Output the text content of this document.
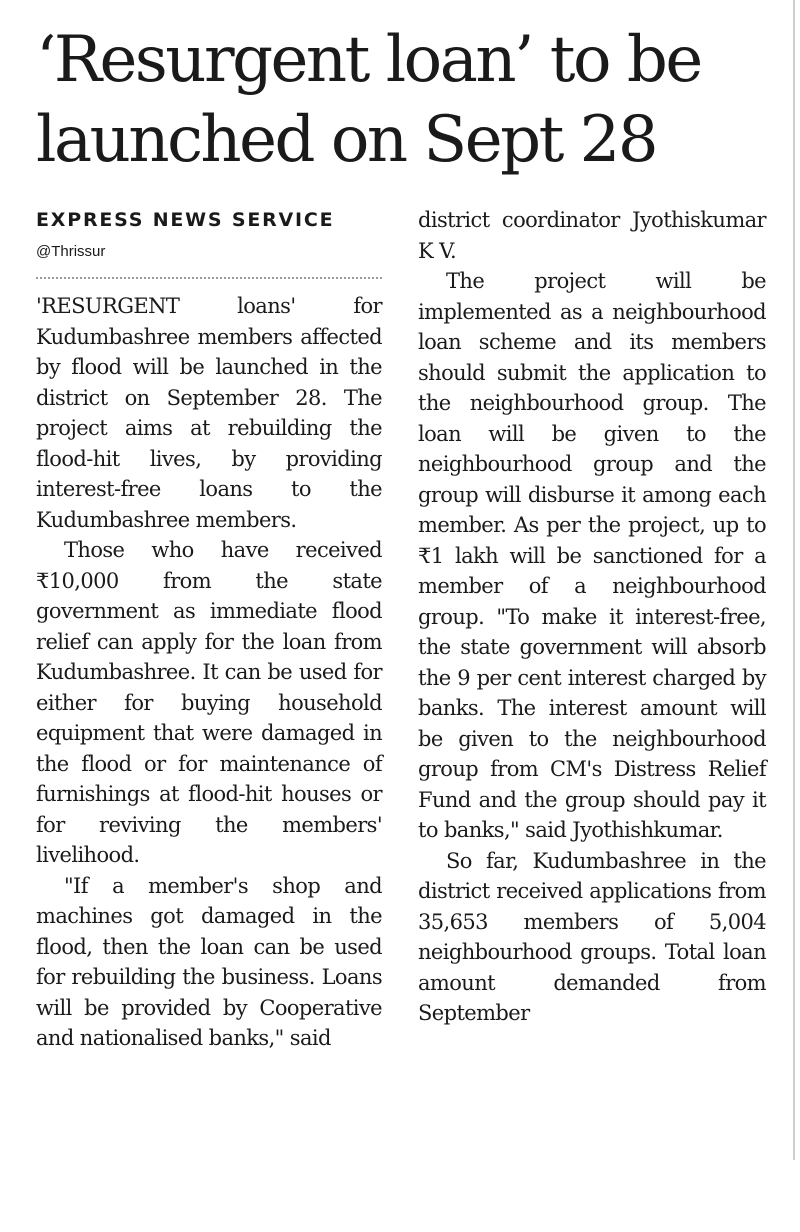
‘Resurgent loan’ to be launched on Sept 28
EXPRESS NEWS SERVICE @Thrissur

'RESURGENT loans' for Kudumbashree members affected by flood will be launched in the district on September 28. The project aims at rebuilding the flood-hit lives, by providing interest-free loans to the Kudumbashree members.

Those who have received ₹10,000 from the state government as immediate flood relief can apply for the loan from Kudumbashree. It can be used for either for buying household equipment that were damaged in the flood or for maintenance of furnishings at flood-hit houses or for reviving the members' livelihood.

"If a member's shop and machines got damaged in the flood, then the loan can be used for rebuilding the business. Loans will be provided by Cooperative and nationalised banks," said

district coordinator Jyothiskumar K V.

The project will be implemented as a neighbourhood loan scheme and its members should submit the application to the neighbourhood group. The loan will be given to the neighbourhood group and the group will disburse it among each member. As per the project, up to ₹1 lakh will be sanctioned for a member of a neighbourhood group. "To make it interest-free, the state government will absorb the 9 per cent interest charged by banks. The interest amount will be given to the neighbourhood group from CM's Distress Relief Fund and the group should pay it to banks," said Jyothishkumar.

So far, Kudumbashree in the district received applications from 35,653 members of 5,004 neighbourhood groups. Total loan amount demanded from September
